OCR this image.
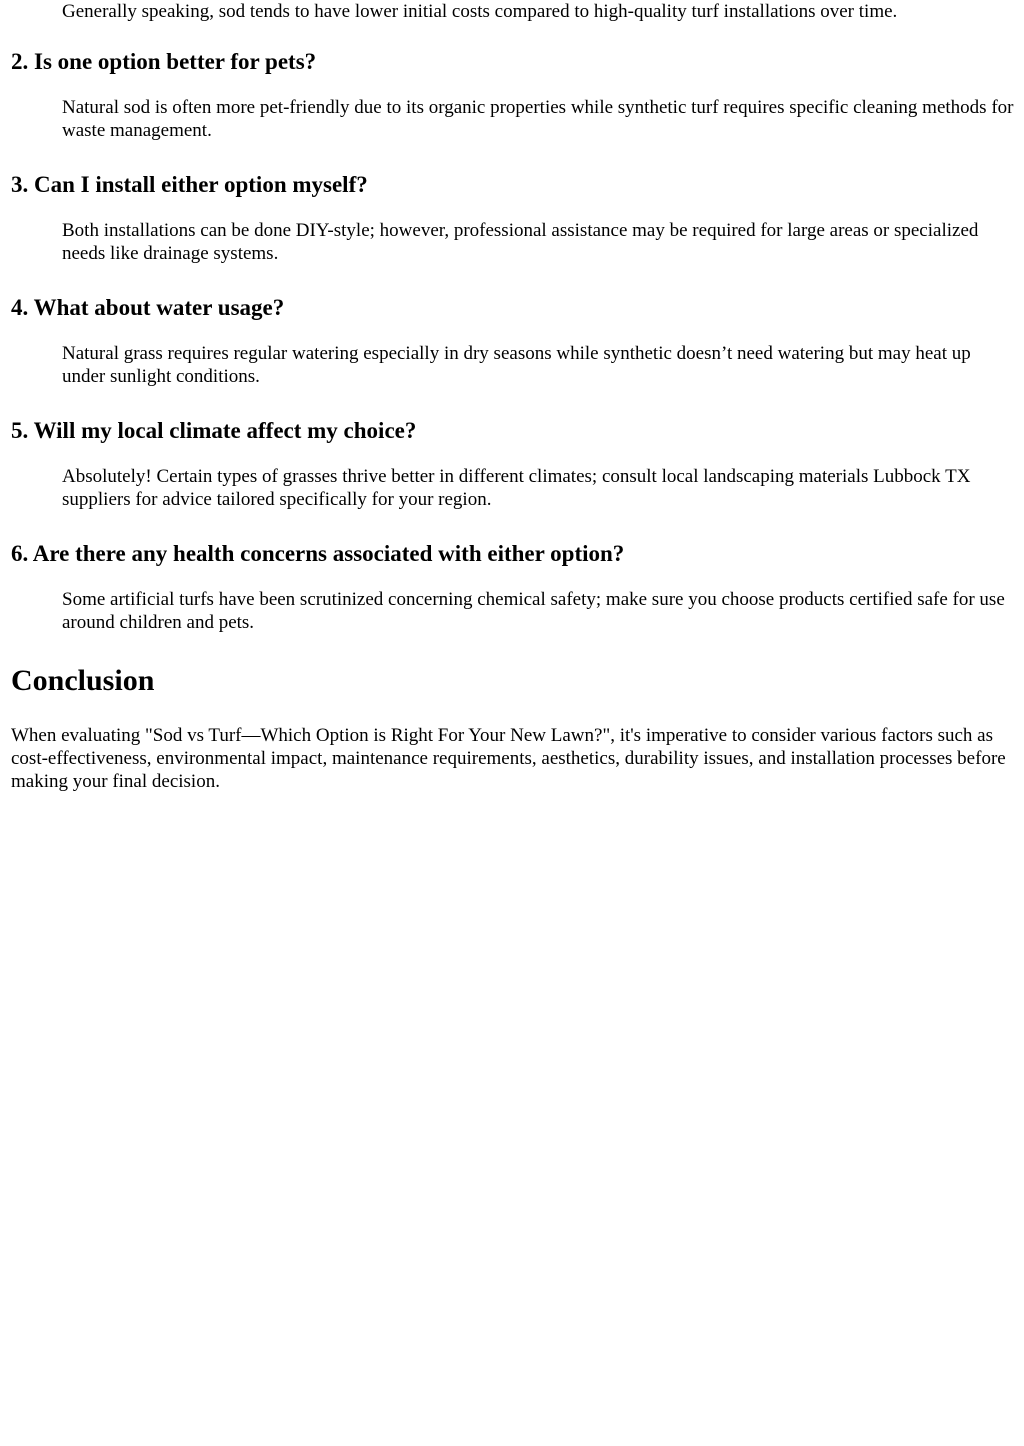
Generally speaking, sod tends to have lower initial costs compared to high-quality turf installations over time.

2. Is one option better for pets?

Natural sod is often more pet-friendly due to its organic properties while synthetic turf requires specific cleaning methods for waste management.

3. Can I install either option myself?

Both installations can be done DIY-style; however, professional assistance may be required for large areas or specialized needs like drainage systems.

4. What about water usage?

Natural grass requires regular watering especially in dry seasons while synthetic doesn’t need watering but may heat up under sunlight conditions.

5. Will my local climate affect my choice?

Absolutely! Certain types of grasses thrive better in different climates; consult local landscaping materials Lubbock TX suppliers for advice tailored specifically for your region.

6. Are there any health concerns associated with either option?

Some artificial turfs have been scrutinized concerning chemical safety; make sure you choose products certified safe for use around children and pets.

Conclusion

When evaluating "Sod vs Turf—Which Option is Right For Your New Lawn?", it's imperative to consider various factors such as cost-effectiveness, environmental impact, maintenance requirements, aesthetics, durability issues, and installation processes before making your final decision.
